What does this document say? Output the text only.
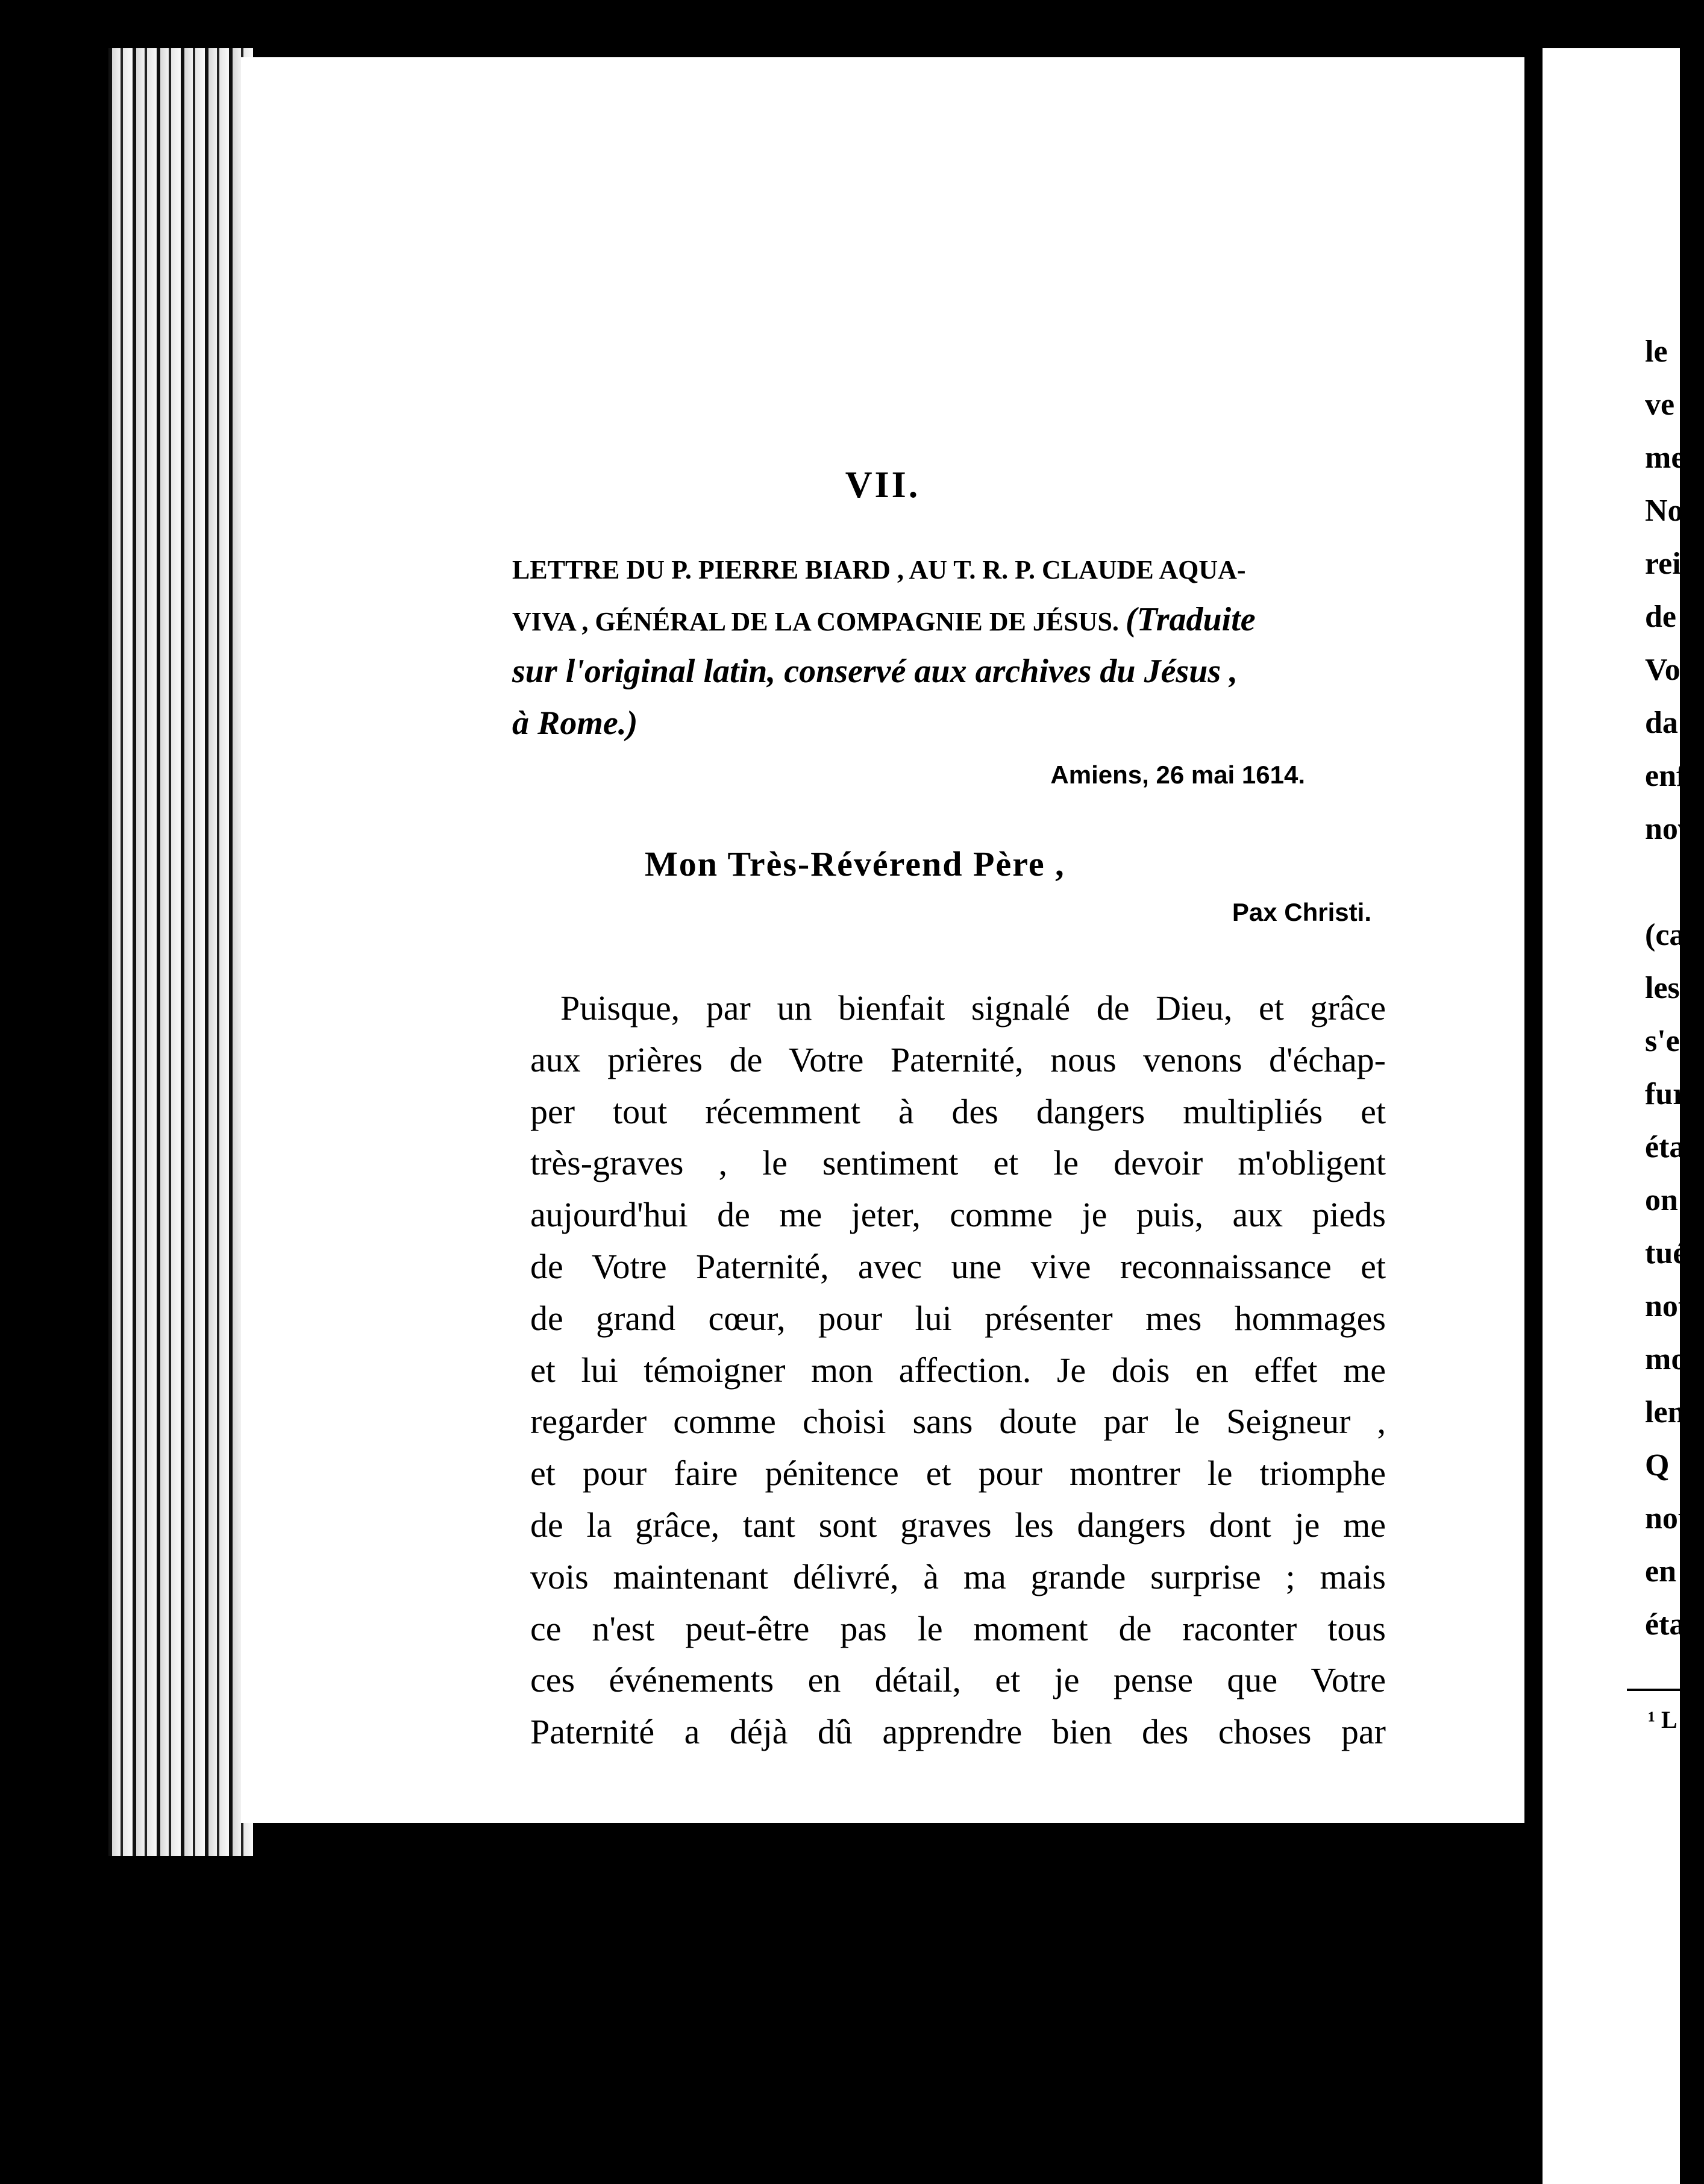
VII.
LETTRE DU P. PIERRE BIARD , AU T. R. P. CLAUDE AQUA-
VIVA , GÉNÉRAL DE LA COMPAGNIE DE JÉSUS. (Traduite
sur l'original latin, conservé aux archives du Jésus ,
à Rome.)
Amiens, 26 mai 1614.
Mon Très-Révérend Père ,
Pax Christi.
Puisque, par un bienfait signalé de Dieu, et grâce
aux prières de Votre Paternité, nous venons d'échap-
per tout récemment à des dangers multipliés et
très-graves , le sentiment et le devoir m'obligent
aujourd'hui de me jeter, comme je puis, aux pieds
de Votre Paternité, avec une vive reconnaissance et
de grand cœur, pour lui présenter mes hommages
et lui témoigner mon affection. Je dois en effet me
regarder comme choisi sans doute par le Seigneur ,
et pour faire pénitence et pour montrer le triomphe
de la grâce, tant sont graves les dangers dont je me
vois maintenant délivré, à ma grande surprise ; mais
ce n'est peut-être pas le moment de raconter tous
ces événements en détail, et je pense que Votre
Paternité a déjà dû apprendre bien des choses par
le
ve
me
No
rei
de
Vo
da
enf
nov

(ca
les
s'en
fur
étai
on
tués
not
mor
lend
Q
nou
en r
était
¹ L
